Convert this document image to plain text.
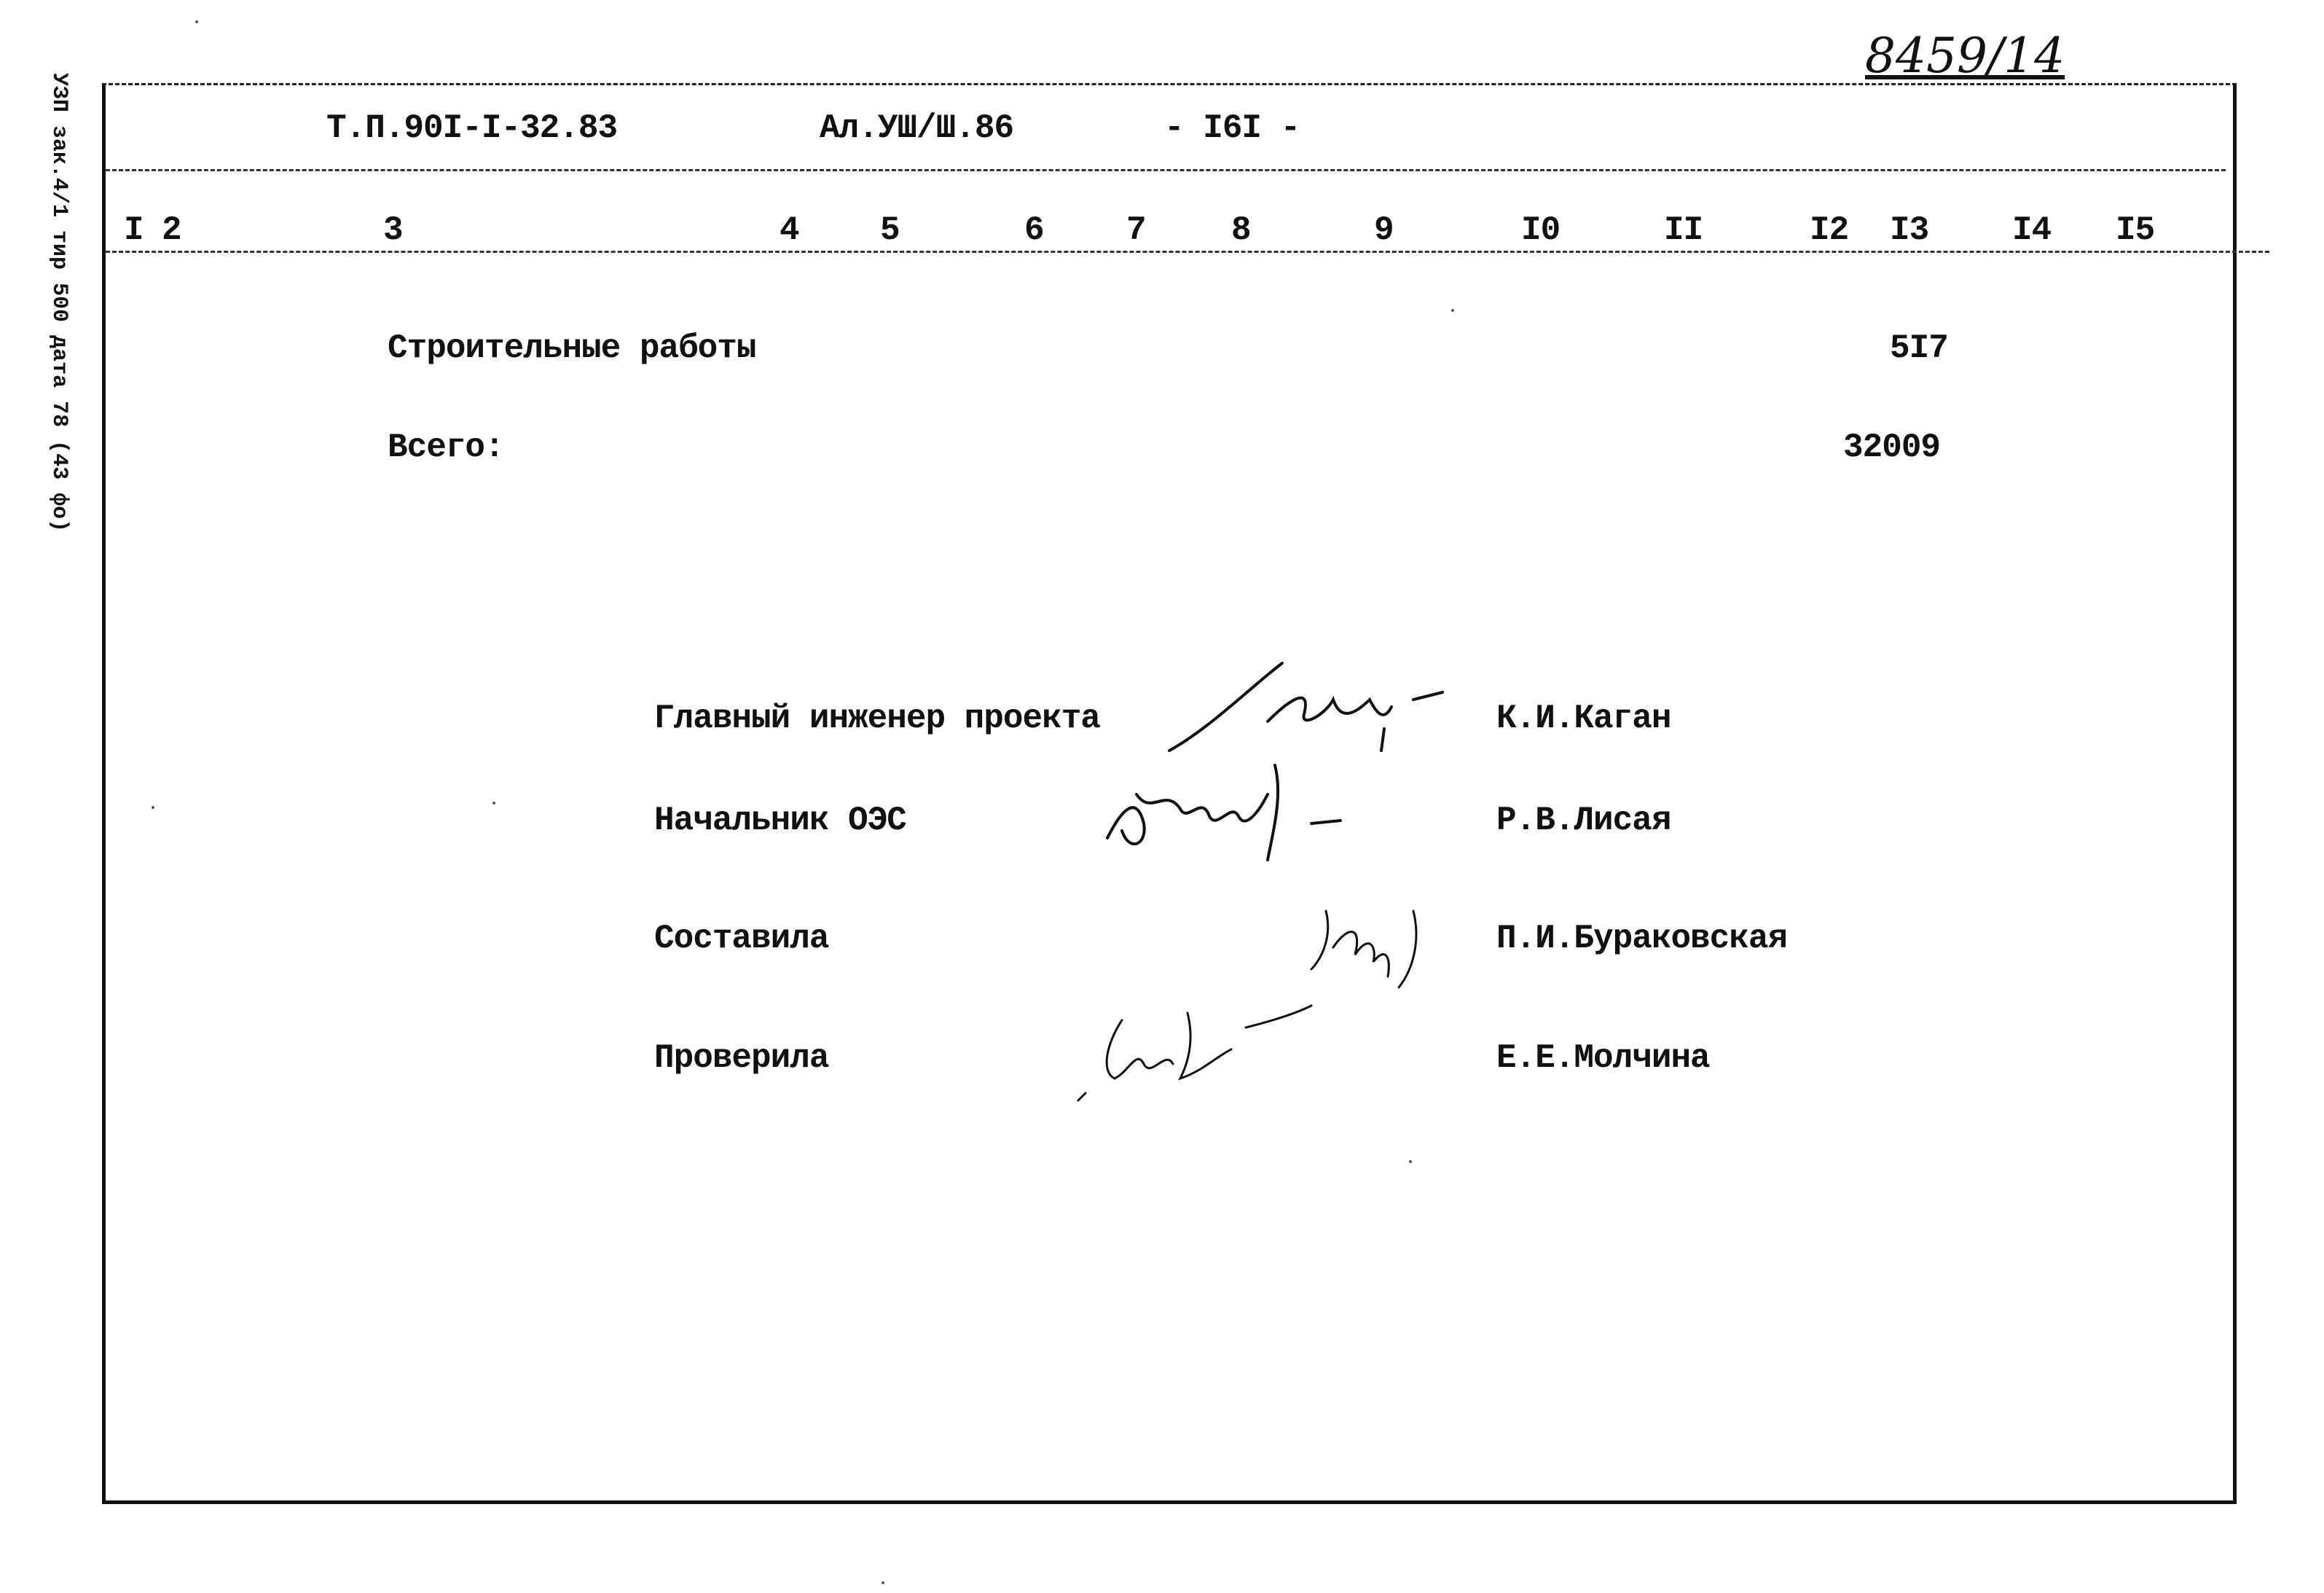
УЗП зак.4/1 тир 500 дата 78 (43 фо)
8459/14
Т.П.90I-I-32.83	Ал.УШ/Ш.86	- I6I -
I 2	3	4 5	6 7	8	9	I0	II	I2 I3 I4 I5
Строительные работы	5I7
Всего:	32009
Главный инженер проекта	К.И.Каган
Начальник ОЭС	Р.В.Лисая
Составила	П.И.Бураковская
Проверила	Е.Е.Молчина
